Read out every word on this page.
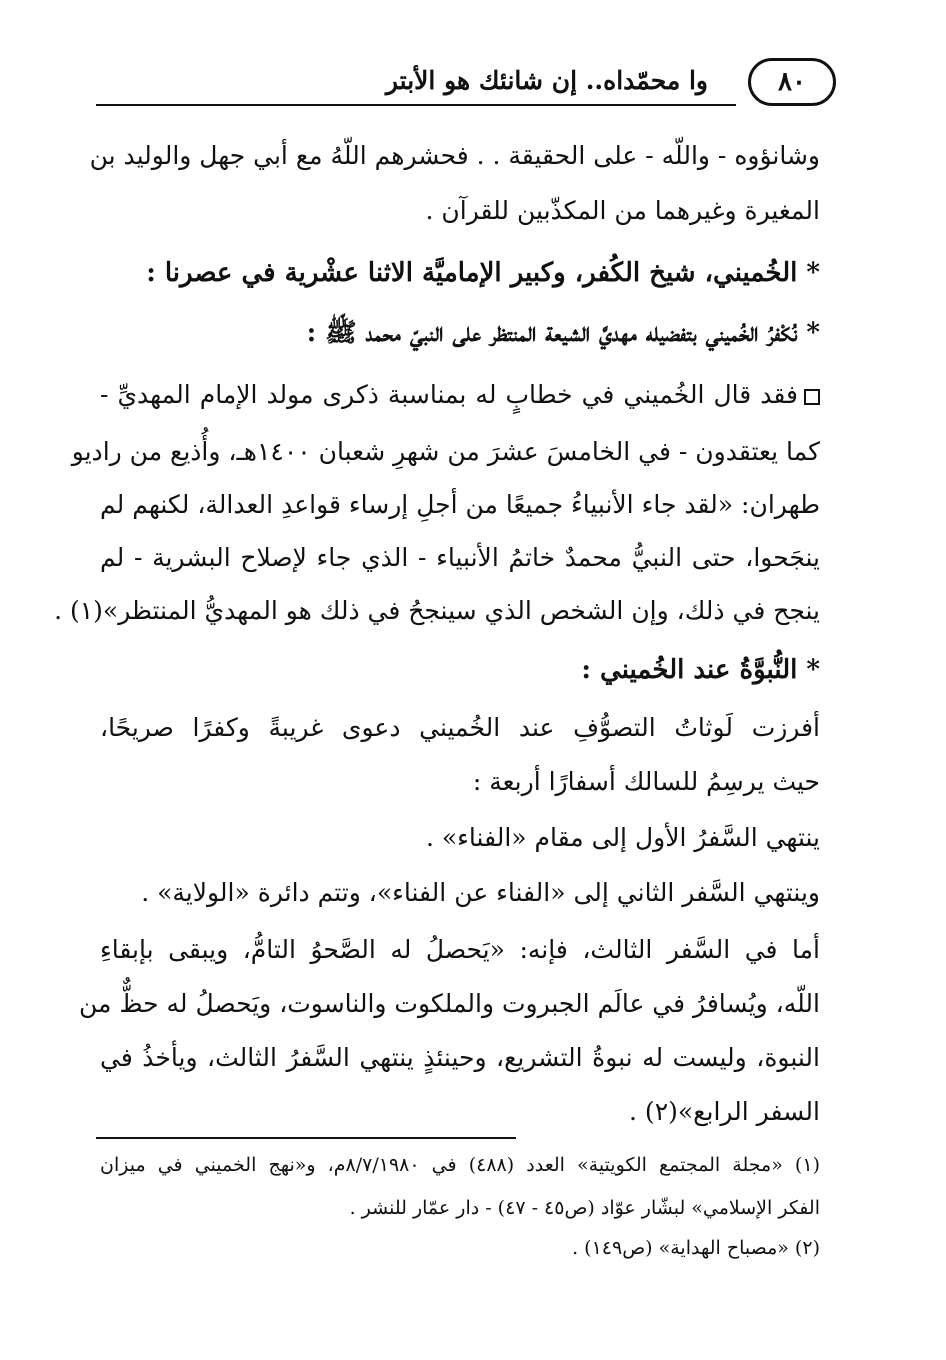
٨٠
وا محمّداه.. إن شانئك هو الأبتر
وشانؤوه - واللّه - على الحقيقة . . فحشرهم اللّهُ مع أبي جهل والوليد بن
المغيرة وغيرهما من المكذّبين للقرآن .
* الخُميني، شيخ الكُفر، وكبير الإماميَّة الاثنا عشْرية في عصرنا :
* نُكْفرُ الخُميني بتفضيله مهديَّ الشيعة المنتظر على النبيّ محمد ﷺ :
فقد قال الخُميني في خطابٍ له بمناسبة ذكرى مولد الإمام المهديِّ -
كما يعتقدون - في الخامسَ عشرَ من شهرِ شعبان ١٤٠٠هـ، وأُذيع من راديو
طهران: «لقد جاء الأنبياءُ جميعًا من أجلِ إرساء قواعدِ العدالة، لكنهم لم
ينجَحوا، حتى النبيُّ محمدٌ خاتمُ الأنبياء - الذي جاء لإصلاح البشرية - لم
ينجح في ذلك، وإن الشخص الذي سينجحُ في ذلك هو المهديُّ المنتظر»(١) .
* النُّبوَّةُ عند الخُميني :
أفرزت لَوثاتُ التصوُّفِ عند الخُميني دعوى غريبةً وكفرًا صريحًا،
حيث يرسِمُ للسالك أسفارًا أربعة :
ينتهي السَّفرُ الأول إلى مقام «الفناء» .
وينتهي السَّفر الثاني إلى «الفناء عن الفناء»، وتتم دائرة «الولاية» .
أما في السَّفر الثالث، فإنه: «يَحصلُ له الصَّحوُ التامُّ، ويبقى بإبقاءِ
اللّه، ويُسافرُ في عالَم الجبروت والملكوت والناسوت، ويَحصلُ له حظٌّ من
النبوة، وليست له نبوةُ التشريع، وحينئذٍ ينتهي السَّفرُ الثالث، ويأخذُ في
السفر الرابع»(٢) .
(١) «مجلة المجتمع الكويتية» العدد (٤٨٨) في ٨/٧/١٩٨٠م، و«نهج الخميني في ميزان
الفكر الإسلامي» لبشّار عوّاد (ص٤٥ - ٤٧) - دار عمّار للنشر .
(٢) «مصباح الهداية» (ص١٤٩) .
